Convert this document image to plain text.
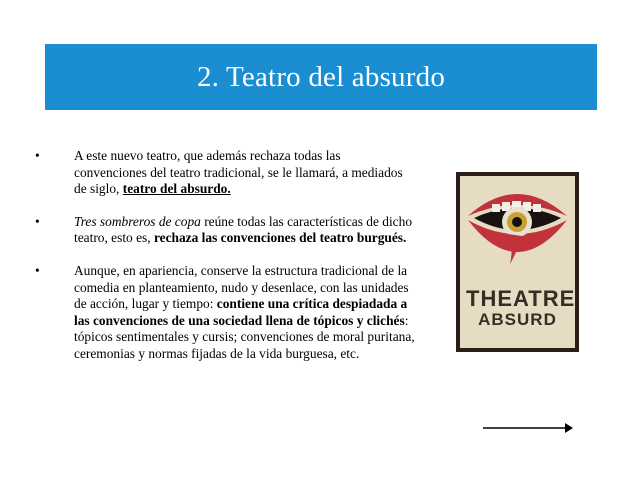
2. Teatro del absurdo
•	A este nuevo teatro, que además rechaza todas las convenciones del teatro tradicional, se le llamará, a mediados de siglo, teatro del absurdo.
•	Tres sombreros de copa reúne todas las características de dicho teatro, esto es, rechaza las convenciones del teatro burgués.
•	Aunque, en apariencia, conserve la estructura tradicional de la comedia en planteamiento, nudo y desenlace, con las unidades de acción, lugar y tiempo: contiene una crítica despiadada a las convenciones de una sociedad llena de tópicos y clichés: tópicos sentimentales y cursis; convenciones de moral puritana, ceremonias y normas fijadas de la vida burguesa, etc.
THEATRE
ABSURD
